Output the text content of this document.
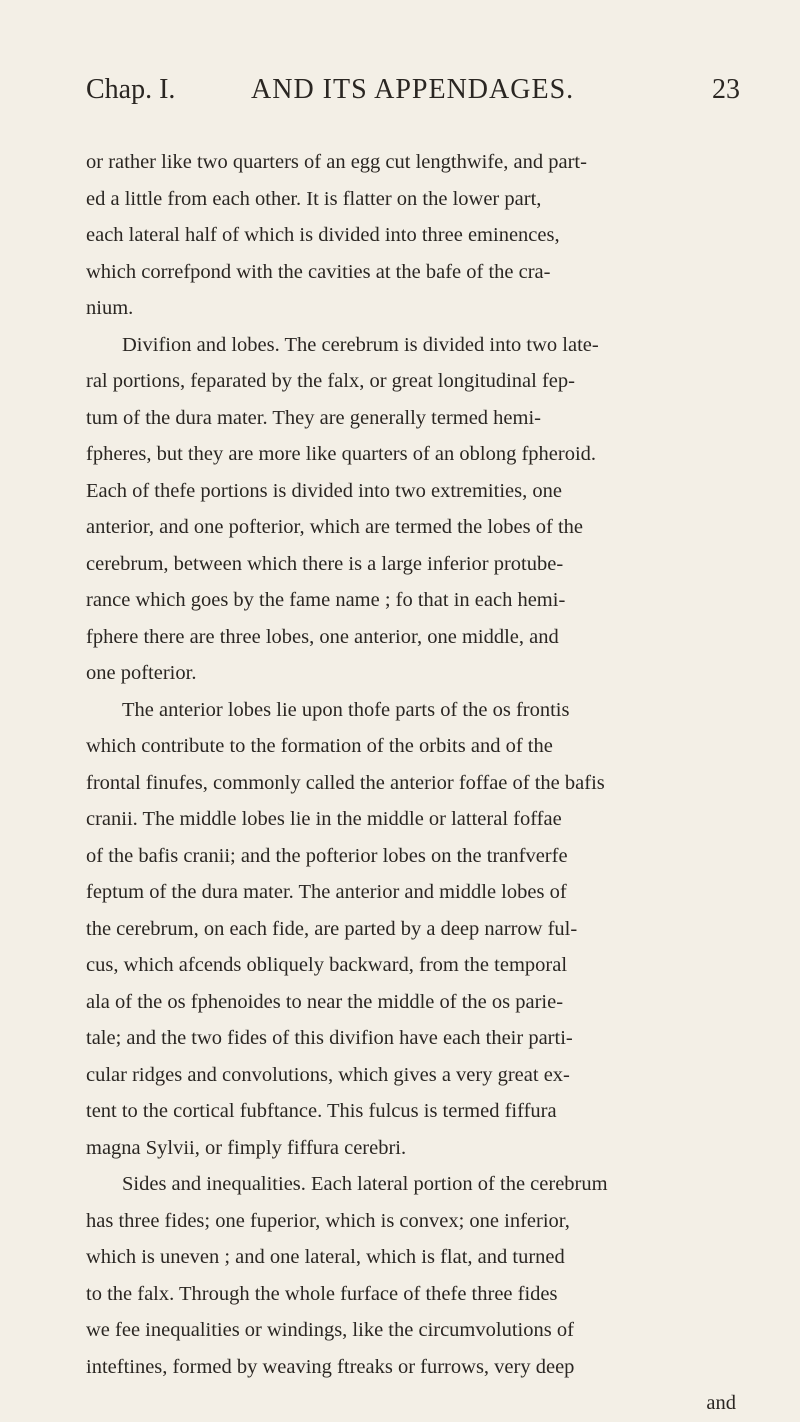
Chap. I.	AND ITS APPENDAGES.	23
or rather like two quarters of an egg cut lengthwife, and part-
ed a little from each other. It is flatter on the lower part,
each lateral half of which is divided into three eminences,
which correfpond with the cavities at the bafe of the cra-
nium.
Divifion and lobes. The cerebrum is divided into two late-
ral portions, feparated by the falx, or great longitudinal fep-
tum of the dura mater. They are generally termed hemi-
fpheres, but they are more like quarters of an oblong fpheroid.
Each of thefe portions is divided into two extremities, one
anterior, and one pofterior, which are termed the lobes of the
cerebrum, between which there is a large inferior protube-
rance which goes by the fame name ; fo that in each hemi-
fphere there are three lobes, one anterior, one middle, and
one pofterior.
The anterior lobes lie upon thofe parts of the os frontis
which contribute to the formation of the orbits and of the
frontal finufes, commonly called the anterior foffae of the bafis
cranii. The middle lobes lie in the middle or latteral foffae
of the bafis cranii; and the pofterior lobes on the tranfverfe
feptum of the dura mater. The anterior and middle lobes of
the cerebrum, on each fide, are parted by a deep narrow ful-
cus, which afcends obliquely backward, from the temporal
ala of the os fphenoides to near the middle of the os parie-
tale; and the two fides of this divifion have each their parti-
cular ridges and convolutions, which gives a very great ex-
tent to the cortical fubftance. This fulcus is termed fiffura
magna Sylvii, or fimply fiffura cerebri.
Sides and inequalities. Each lateral portion of the cerebrum
has three fides; one fuperior, which is convex; one inferior,
which is uneven ; and one lateral, which is flat, and turned
to the falx. Through the whole furface of thefe three fides
we fee inequalities or windings, like the circumvolutions of
inteftines, formed by weaving ftreaks or furrows, very deep
and
